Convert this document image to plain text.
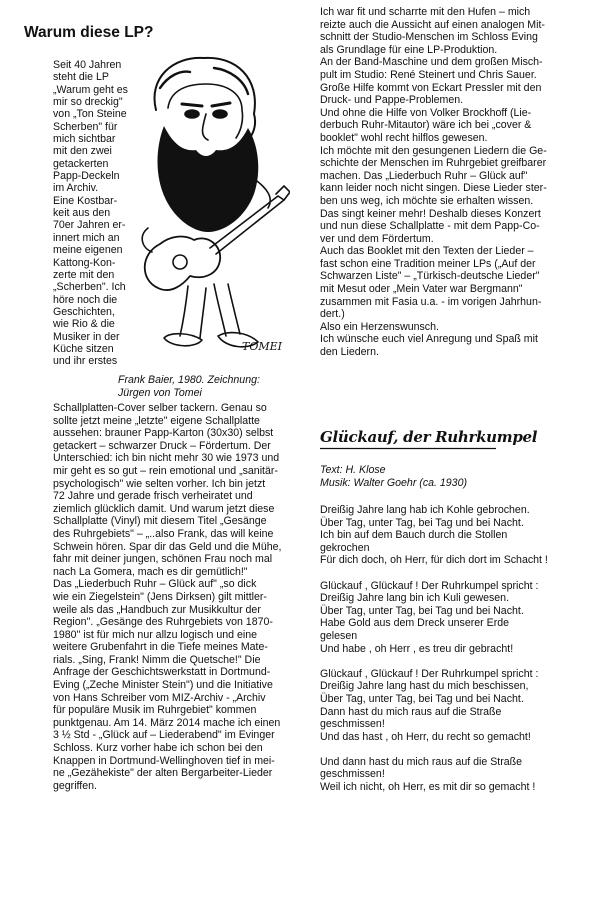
Warum diese LP?
Seit 40 Jahren
steht die LP
„Warum geht es
mir so dreckig"
von „Ton Steine
Scherben" für
mich sichtbar
mit den zwei
getackerten
Papp-Deckeln
im Archiv.
Eine Kostbar-
keit aus den
70er Jahren er-
innert mich an
meine eigenen
Kattong-Kon-
zerte mit den
„Scherben". Ich
höre noch die
Geschichten,
wie Rio & die
Musiker in der
Küche sitzen
und ihr erstes
TOMEI
Frank Baier, 1980. Zeichnung:
Jürgen von Tomei
Schallplatten-Cover selber tackern. Genau so
sollte jetzt meine „letzte" eigene Schallplatte
aussehen: brauner Papp-Karton (30x30) selbst
getackert – schwarzer Druck – Fördertum. Der
Unterschied: ich bin nicht mehr 30 wie 1973 und
mir geht es so gut – rein emotional und „sanitär-
psychologisch" wie selten vorher. Ich bin jetzt
72 Jahre und gerade frisch verheiratet und
ziemlich glücklich damit. Und warum jetzt diese
Schallplatte (Vinyl) mit diesem Titel „Gesänge
des Ruhrgebiets" – „..also Frank, das will keine
Schwein hören. Spar dir das Geld und die Mühe,
fahr mit deiner jungen, schönen Frau noch mal
nach La Gomera, mach es dir gemütlich!"
Das „Liederbuch Ruhr – Glück auf" „so dick
wie ein Ziegelstein" (Jens Dirksen) gilt mittler-
weile als das „Handbuch zur Musikkultur der
Region". „Gesänge des Ruhrgebiets von 1870-
1980" ist für mich nur allzu logisch und eine
weitere Grubenfahrt in die Tiefe meines Mate-
rials. „Sing, Frank! Nimm die Quetsche!" Die
Anfrage der Geschichtswerkstatt in Dortmund-
Eving („Zeche Minister Stein") und die Initiative
von Hans Schreiber vom MIZ-Archiv - „Archiv
für populäre Musik im Ruhrgebiet" kommen
punktgenau. Am 14. März 2014 mache ich einen
3 ½ Std - „Glück auf – Liederabend" im Evinger
Schloss. Kurz vorher habe ich schon bei den
Knappen in Dortmund-Wellinghoven tief in mei-
ne „Gezähekiste" der alten Bergarbeiter-Lieder
gegriffen.
Ich war fit und scharrte mit den Hufen – mich
reizte auch die Aussicht auf einen analogen Mit-
schnitt der Studio-Menschen im Schloss Eving
als Grundlage für eine LP-Produktion.
An der Band-Maschine und dem großen Misch-
pult im Studio: René Steinert und Chris Sauer.
Große Hilfe kommt von Eckart Pressler mit den
Druck- und Pappe-Problemen.
Und ohne die Hilfe von Volker Brockhoff (Lie-
derbuch Ruhr-Mitautor) wäre ich bei „cover &
booklet" wohl recht hilflos gewesen.
Ich möchte mit den gesungenen Liedern die Ge-
schichte der Menschen im Ruhrgebiet greifbarer
machen. Das „Liederbuch Ruhr – Glück auf"
kann leider noch nicht singen. Diese Lieder ster-
ben uns weg, ich möchte sie erhalten wissen.
Das singt keiner mehr! Deshalb dieses Konzert
und nun diese Schallplatte - mit dem Papp-Co-
ver und dem Fördertum.
Auch das Booklet mit den Texten der Lieder –
fast schon eine Tradition meiner LPs („Auf der
Schwarzen Liste" – „Türkisch-deutsche Lieder"
mit Mesut oder „Mein Vater war Bergmann"
zusammen mit Fasia u.a. - im vorigen Jahrhun-
dert.)
Also ein Herzenswunsch.
Ich wünsche euch viel Anregung und Spaß mit
den Liedern.
Glückauf, der Ruhrkumpel
Text: H. Klose
Musik: Walter Goehr (ca. 1930)
Dreißig Jahre lang hab ich Kohle gebrochen.
Über Tag, unter Tag, bei Tag und bei Nacht.
Ich bin auf dem Bauch durch die Stollen
gekrochen
Für dich doch, oh Herr, für dich dort im Schacht !
Glückauf , Glückauf ! Der Ruhrkumpel spricht :
Dreißig Jahre lang bin ich Kuli gewesen.
Über Tag, unter Tag, bei Tag und bei Nacht.
Habe Gold aus dem Dreck unserer Erde
gelesen
Und habe , oh Herr , es treu dir gebracht!
Glückauf , Glückauf ! Der Ruhrkumpel spricht :
Dreißig Jahre lang hast du mich beschissen,
Über Tag, unter Tag, bei Tag und bei Nacht.
Dann hast du mich raus auf die Straße
geschmissen!
Und das hast , oh Herr, du recht so gemacht!
Und dann hast du mich raus auf die Straße
geschmissen!
Weil ich nicht, oh Herr, es mit dir so gemacht !
